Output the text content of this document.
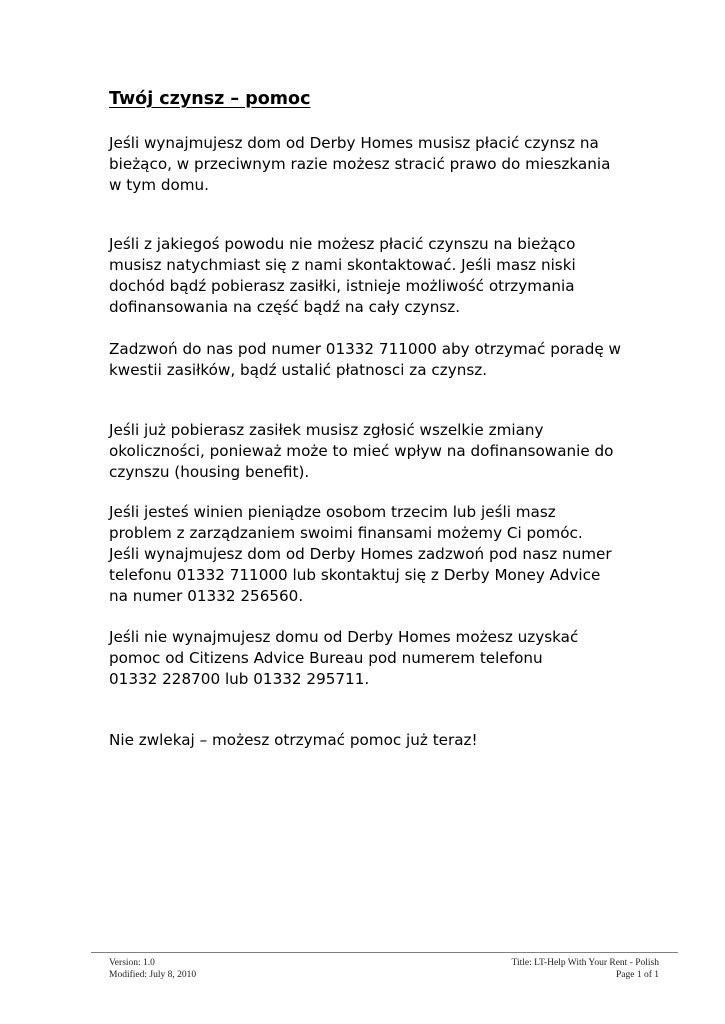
Twój czynsz – pomoc

Jeśli wynajmujesz dom od Derby Homes musisz płacić czynsz na
bieżąco, w przeciwnym razie możesz stracić prawo do mieszkania
w tym domu.

Jeśli z jakiegoś powodu nie możesz płacić czynszu na bieżąco
musisz natychmiast się z nami skontaktować. Jeśli masz niski
dochód bądź pobierasz zasiłki, istnieje możliwość otrzymania
dofinansowania na część bądź na cały czynsz.

Zadzwoń do nas pod numer 01332 711000 aby otrzymać poradę w
kwestii zasiłków, bądź ustalić płatnosci za czynsz.

Jeśli już pobierasz zasiłek musisz zgłosić wszelkie zmiany
okoliczności, ponieważ może to mieć wpływ na dofinansowanie do
czynszu (housing benefit).

Jeśli jesteś winien pieniądze osobom trzecim lub jeśli masz
problem z zarządzaniem swoimi finansami możemy Ci pomóc.
Jeśli wynajmujesz dom od Derby Homes zadzwoń pod nasz numer
telefonu 01332 711000 lub skontaktuj się z Derby Money Advice
na numer 01332 256560.

Jeśli nie wynajmujesz domu od Derby Homes możesz uzyskać
pomoc od Citizens Advice Bureau pod numerem telefonu
01332 228700 lub 01332 295711.

Nie zwlekaj – możesz otrzymać pomoc już teraz!

Version: 1.0
Modified: July 8, 2010
Title: LT-Help With Your Rent - Polish
Page 1 of 1
